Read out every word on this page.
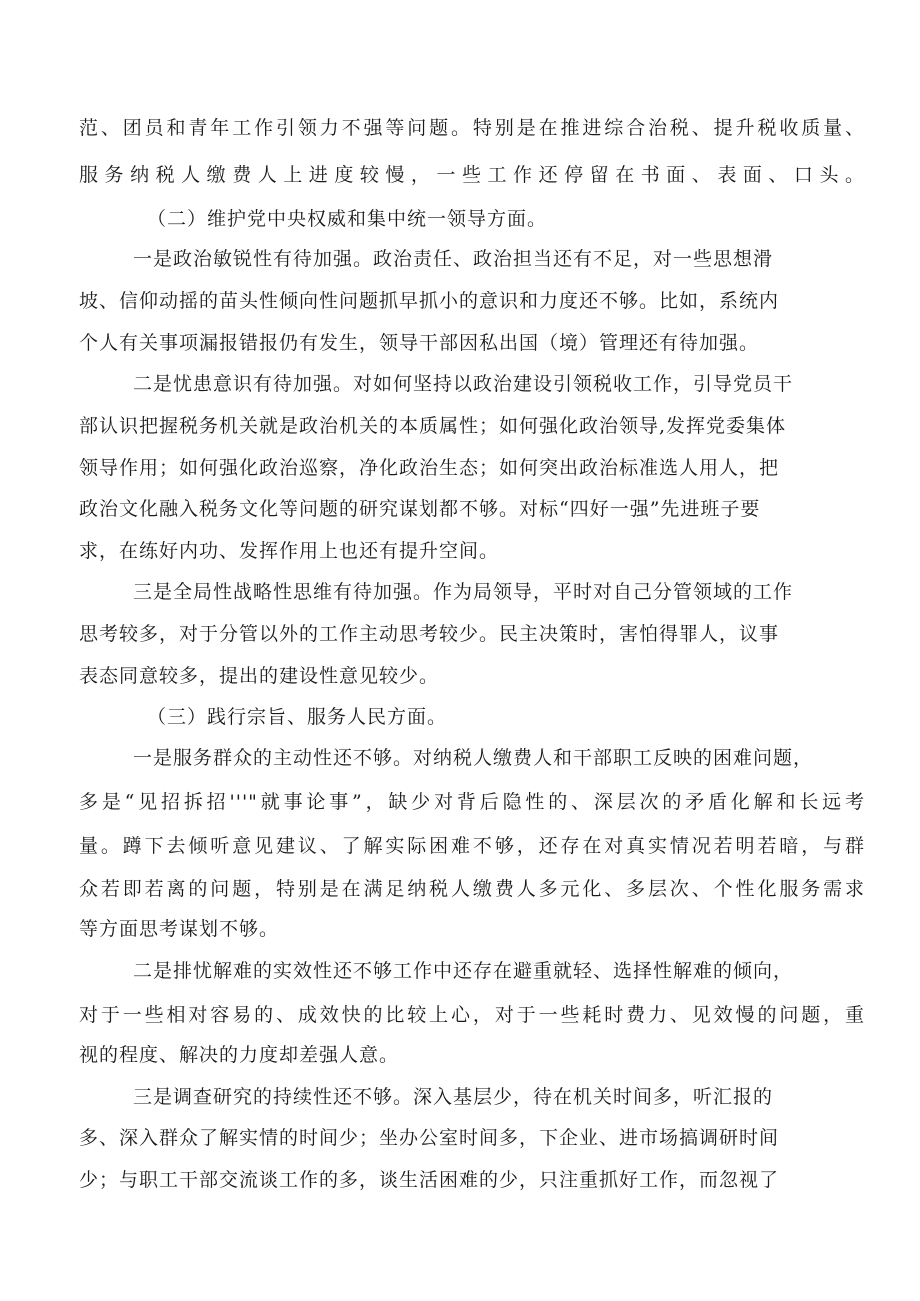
范、团员和青年工作引领力不强等问题。特别是在推进综合治税、提升税收质量、
服务纳税人缴费人上进度较慢，一些工作还停留在书面、表面、口头。
（二）维护党中央权威和集中统一领导方面。
一是政治敏锐性有待加强。政治责任、政治担当还有不足，对一些思想滑
坡、信仰动摇的苗头性倾向性问题抓早抓小的意识和力度还不够。比如，系统内
个人有关事项漏报错报仍有发生，领导干部因私出国（境）管理还有待加强。
二是忧患意识有待加强。对如何坚持以政治建设引领税收工作，引导党员干
部认识把握税务机关就是政治机关的本质属性；如何强化政治领导,发挥党委集体
领导作用；如何强化政治巡察，净化政治生态；如何突出政治标准选人用人，把
政治文化融入税务文化等问题的研究谋划都不够。对标“四好一强”先进班子要
求，在练好内功、发挥作用上也还有提升空间。
三是全局性战略性思维有待加强。作为局领导，平时对自己分管领域的工作
思考较多，对于分管以外的工作主动思考较少。民主决策时，害怕得罪人，议事
表态同意较多，提出的建设性意见较少。
（三）践行宗旨、服务人民方面。
一是服务群众的主动性还不够。对纳税人缴费人和干部职工反映的困难问题，
多是“见招拆招'''"就事论事”，缺少对背后隐性的、深层次的矛盾化解和长远考
量。蹲下去倾听意见建议、了解实际困难不够，还存在对真实情况若明若暗，与群
众若即若离的问题，特别是在满足纳税人缴费人多元化、多层次、个性化服务需求
等方面思考谋划不够。
二是排忧解难的实效性还不够工作中还存在避重就轻、选择性解难的倾向，
对于一些相对容易的、成效快的比较上心，对于一些耗时费力、见效慢的问题，重
视的程度、解决的力度却差强人意。
三是调查研究的持续性还不够。深入基层少，待在机关时间多，听汇报的
多、深入群众了解实情的时间少；坐办公室时间多，下企业、进市场搞调研时间
少；与职工干部交流谈工作的多，谈生活困难的少，只注重抓好工作，而忽视了
